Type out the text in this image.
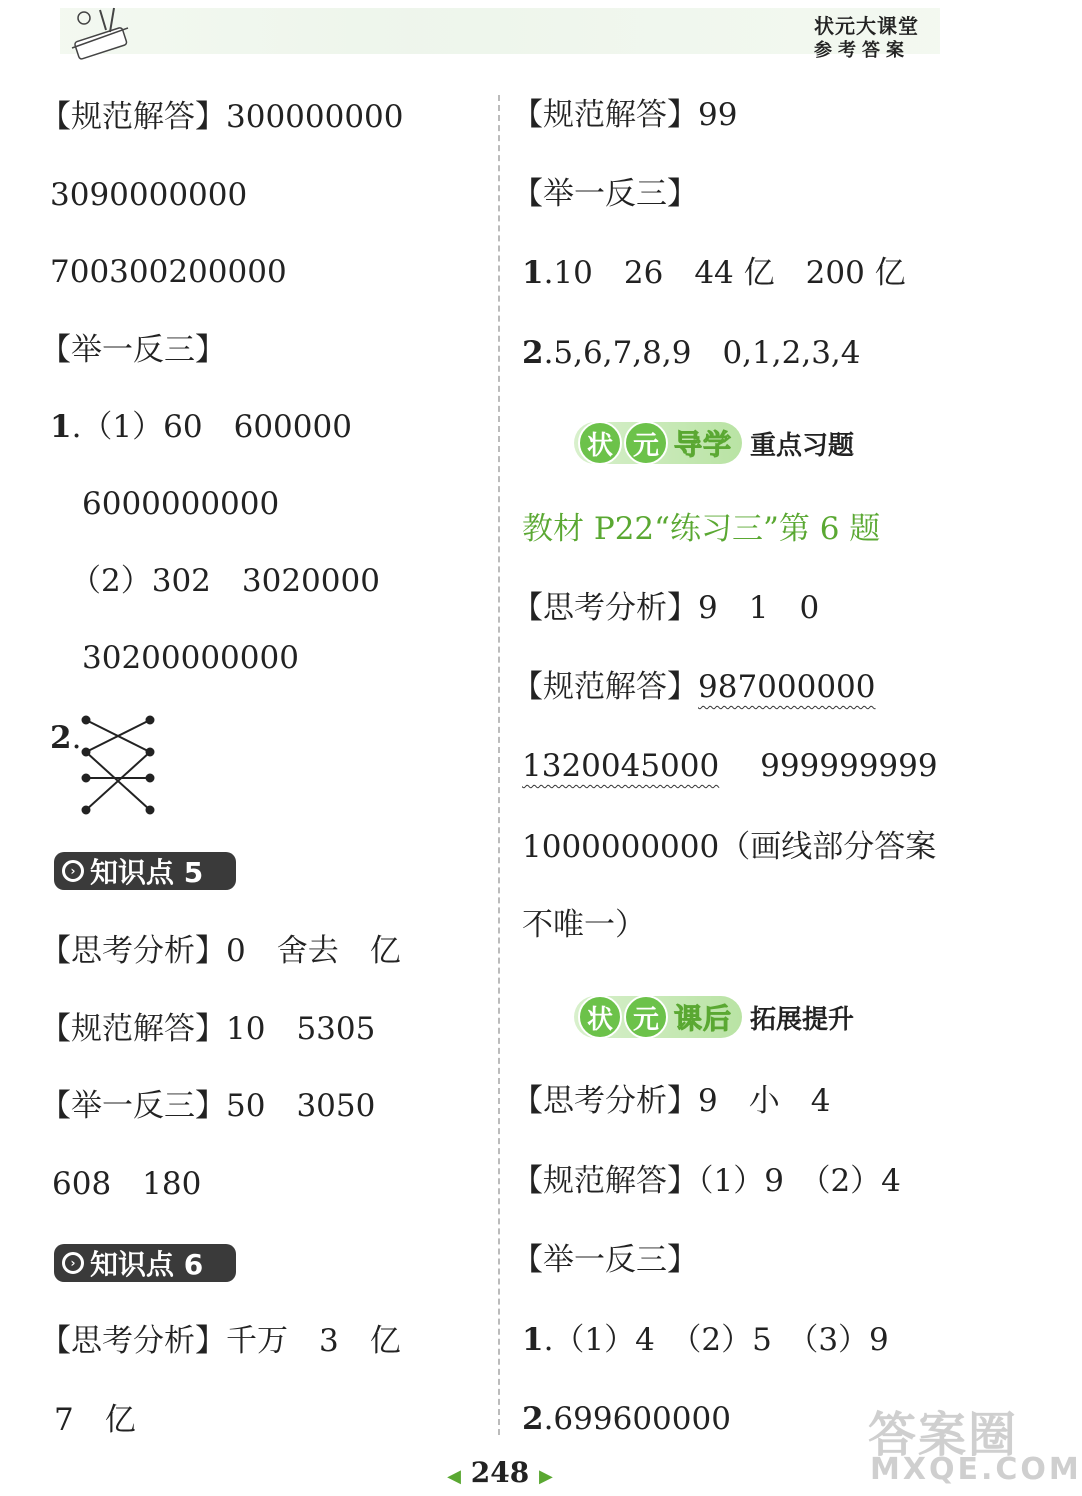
状元大课堂
参考答案
【规范解答】300000000
3090000000
700300200000
【举一反三】
1.（1）60　600000
6000000000
（2）302　3020000
30200000000
2.
› 知识点 5
【思考分析】0　舍去　亿
【规范解答】10　5305
【举一反三】50　3050
608　180
› 知识点 6
【思考分析】千万　3　亿
7　亿
【规范解答】99
【举一反三】
1.10　26　44 亿　200 亿
2.5,6,7,8,9　0,1,2,3,4
状 元 导学 重点习题
教材 P22“练习三”第 6 题
【思考分析】9　1　0
【规范解答】987000000
1320045000　 999999999
1000000000（画线部分答案
不唯一）
状 元 课后 拓展提升
【思考分析】9　小　4
【规范解答】（1）9　（2）4
【举一反三】
1.（1）4　（2）5　（3）9
2.699600000
◀ 248 ▶
答案圈
MXQE.COM
